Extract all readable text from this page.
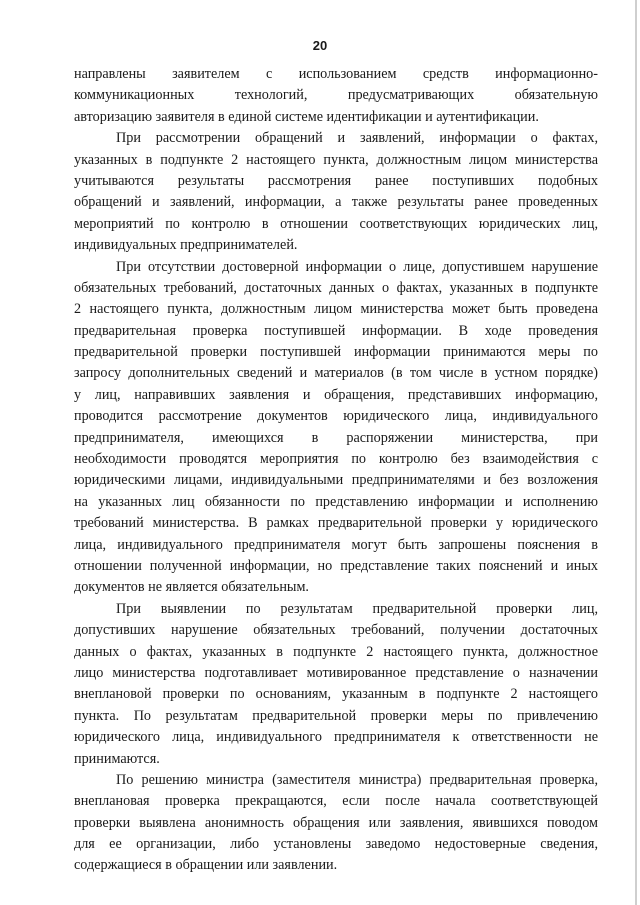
20
направлены заявителем с использованием средств информационно-
коммуникационных технологий, предусматривающих обязательную
авторизацию заявителя в единой системе идентификации и аутентификации.
При рассмотрении обращений и заявлений, информации о фактах,
указанных в подпункте 2 настоящего пункта, должностным лицом министерства
учитываются результаты рассмотрения ранее поступивших подобных
обращений и заявлений, информации, а также результаты ранее проведенных
мероприятий по контролю в отношении соответствующих юридических лиц,
индивидуальных предпринимателей.
При отсутствии достоверной информации о лице, допустившем нарушение
обязательных требований, достаточных данных о фактах, указанных в подпункте
2 настоящего пункта, должностным лицом министерства может быть проведена
предварительная проверка поступившей информации. В ходе проведения
предварительной проверки поступившей информации принимаются меры по
запросу дополнительных сведений и материалов (в том числе в устном порядке)
у лиц, направивших заявления и обращения, представивших информацию,
проводится рассмотрение документов юридического лица, индивидуального
предпринимателя, имеющихся в распоряжении министерства, при
необходимости проводятся мероприятия по контролю без взаимодействия с
юридическими лицами, индивидуальными предпринимателями и без возложения
на указанных лиц обязанности по представлению информации и исполнению
требований министерства. В рамках предварительной проверки у юридического
лица, индивидуального предпринимателя могут быть запрошены пояснения в
отношении полученной информации, но представление таких пояснений и иных
документов не является обязательным.
При выявлении по результатам предварительной проверки лиц,
допустивших нарушение обязательных требований, получении достаточных
данных о фактах, указанных в подпункте 2 настоящего пункта, должностное
лицо министерства подготавливает мотивированное представление о назначении
внеплановой проверки по основаниям, указанным в подпункте 2 настоящего
пункта. По результатам предварительной проверки меры по привлечению
юридического лица, индивидуального предпринимателя к ответственности не
принимаются.
По решению министра (заместителя министра) предварительная проверка,
внеплановая проверка прекращаются, если после начала соответствующей
проверки выявлена анонимность обращения или заявления, явившихся поводом
для ее организации, либо установлены заведомо недостоверные сведения,
содержащиеся в обращении или заявлении.
